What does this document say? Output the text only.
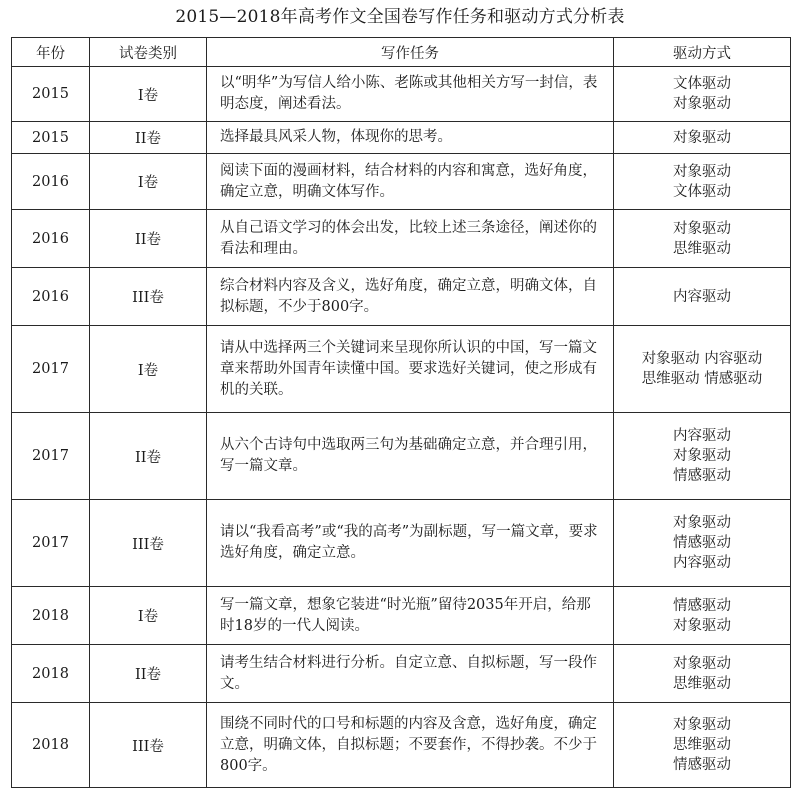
2015—2018年高考作文全国卷写作任务和驱动方式分析表
年份	试卷类别	写作任务	驱动方式
2015	I卷	以“明华”为写信人给小陈、老陈或其他相关方写一封信，表明态度，阐述看法。	文体驱动
对象驱动

2015	II卷	选择最具风采人物，体现你的思考。	对象驱动

2016	I卷	阅读下面的漫画材料，结合材料的内容和寓意，选好角度，确定立意，明确文体写作。	对象驱动
文体驱动

2016	II卷	从自己语文学习的体会出发，比较上述三条途径，阐述你的看法和理由。	对象驱动
思维驱动

2016	III卷	综合材料内容及含义，选好角度，确定立意，明确文体，自拟标题，不少于800字。	内容驱动

2017	I卷	请从中选择两三个关键词来呈现你所认识的中国，写一篇文章来帮助外国青年读懂中国。要求选好关键词，使之形成有机的关联。	对象驱动 内容驱动
思维驱动 情感驱动

2017	II卷	从六个古诗句中选取两三句为基础确定立意，并合理引用，写一篇文章。	内容驱动
对象驱动
情感驱动

2017	III卷	请以“我看高考”或“我的高考”为副标题，写一篇文章，要求选好角度，确定立意。	对象驱动
情感驱动
内容驱动

2018	I卷	写一篇文章，想象它装进“时光瓶”留待2035年开启，给那时18岁的一代人阅读。	情感驱动
对象驱动

2018	II卷	请考生结合材料进行分析。自定立意、自拟标题，写一段作文。	对象驱动
思维驱动

2018	III卷	围绕不同时代的口号和标题的内容及含意，选好角度，确定立意，明确文体，自拟标题；不要套作，不得抄袭。不少于800字。	对象驱动
思维驱动
情感驱动
